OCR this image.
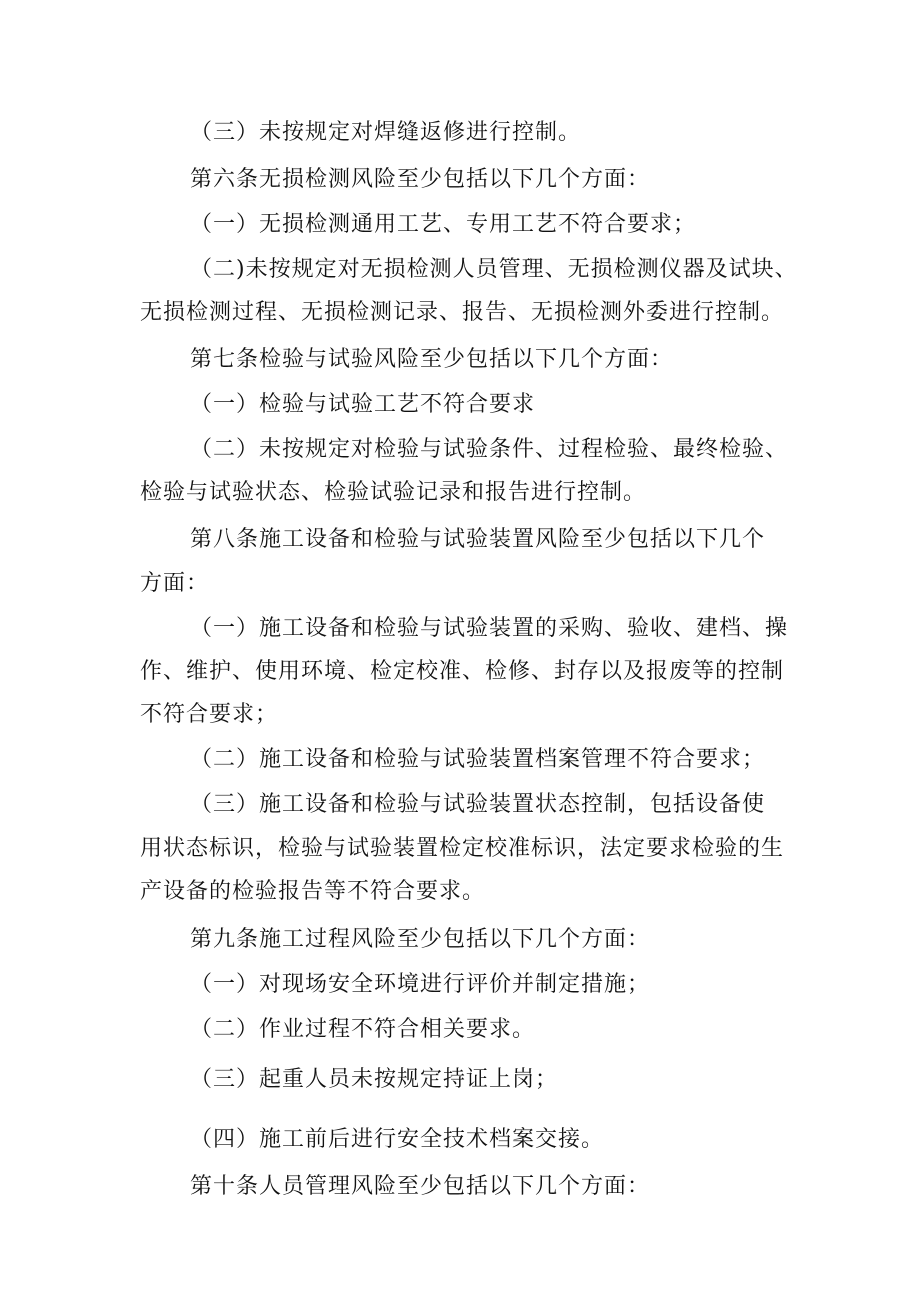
（三）未按规定对焊缝返修进行控制。
第六条无损检测风险至少包括以下几个方面：
（一）无损检测通用工艺、专用工艺不符合要求；
（二)未按规定对无损检测人员管理、无损检测仪器及试块、
无损检测过程、无损检测记录、报告、无损检测外委进行控制。
第七条检验与试验风险至少包括以下几个方面：
（一）检验与试验工艺不符合要求
（二）未按规定对检验与试验条件、过程检验、最终检验、
检验与试验状态、检验试验记录和报告进行控制。
第八条施工设备和检验与试验装置风险至少包括以下几个
方面：
（一）施工设备和检验与试验装置的采购、验收、建档、操
作、维护、使用环境、检定校准、检修、封存以及报废等的控制
不符合要求；
（二）施工设备和检验与试验装置档案管理不符合要求；
（三）施工设备和检验与试验装置状态控制，包括设备使
用状态标识，检验与试验装置检定校准标识，法定要求检验的生
产设备的检验报告等不符合要求。
第九条施工过程风险至少包括以下几个方面：
（一）对现场安全环境进行评价并制定措施；
（二）作业过程不符合相关要求。
（三）起重人员未按规定持证上岗；
（四）施工前后进行安全技术档案交接。
第十条人员管理风险至少包括以下几个方面：
